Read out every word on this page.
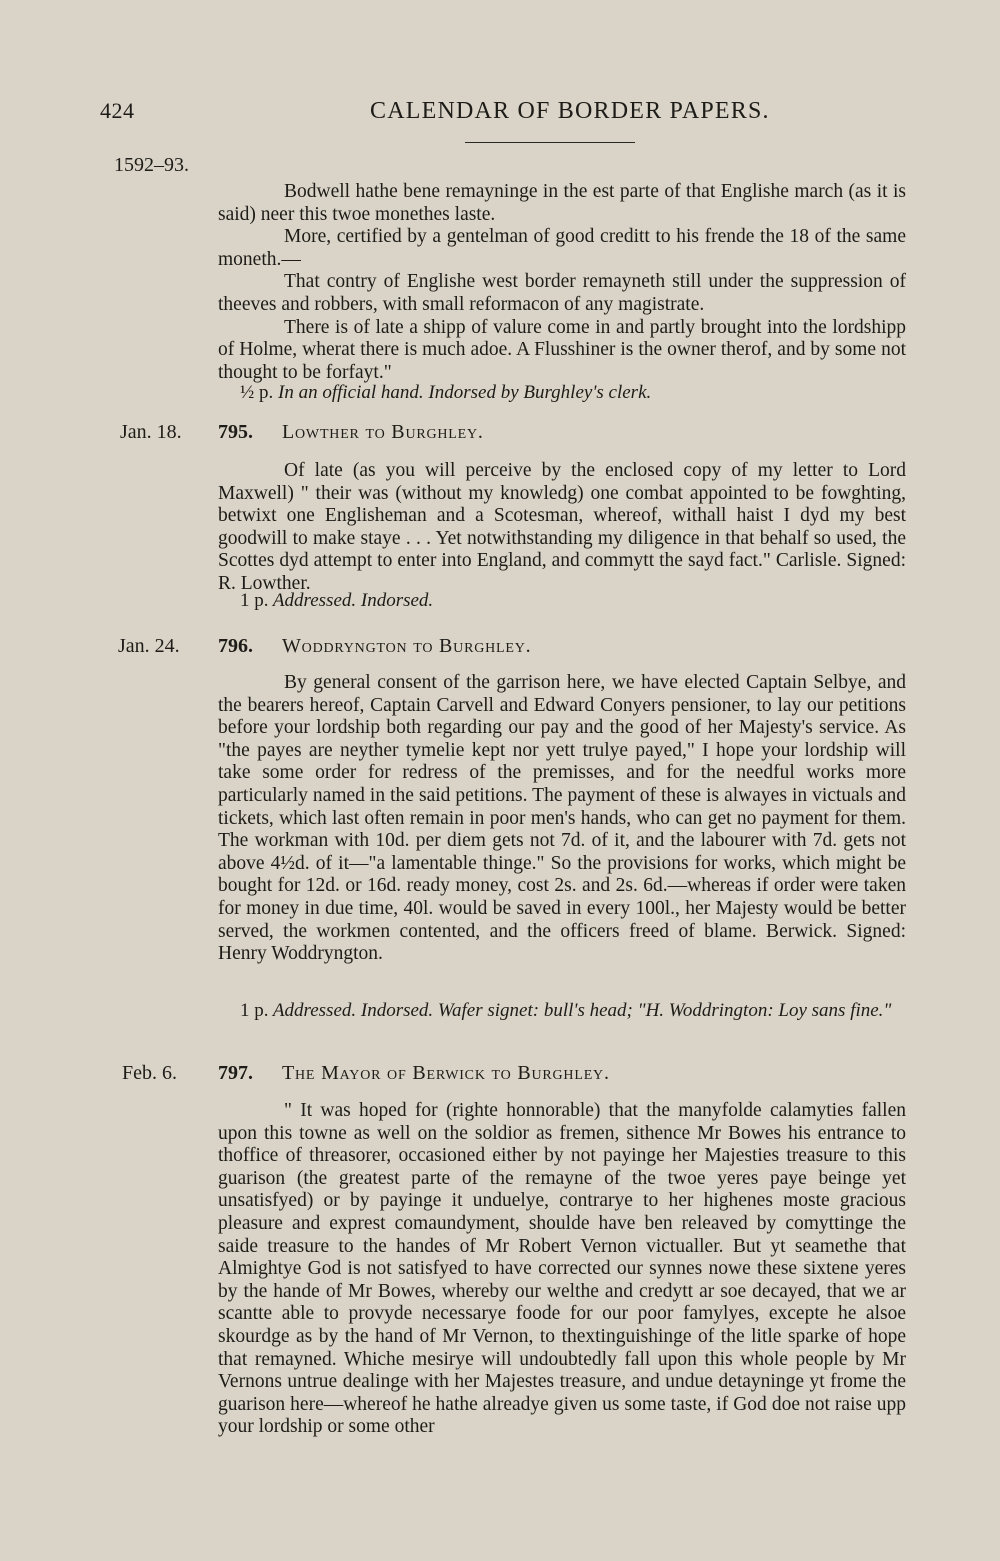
424	CALENDAR OF BORDER PAPERS.
1592–93.

Bodwell hathe bene remayninge in the est parte of that Englishe march (as it is said) neer this twoe monethes laste.

More, certified by a gentelman of good creditt to his frende the 18 of the same moneth.—

That contry of Englishe west border remayneth still under the suppression of theeves and robbers, with small reformacon of any magistrate.

There is of late a shipp of valure come in and partly brought into the lordshipp of Holme, wherat there is much adoe. A Flusshiner is the owner therof, and by some not thought to be forfayt."

½ p. In an official hand. Indorsed by Burghley's clerk.
Jan. 18. 795. Lowther to Burghley.

Of late (as you will perceive by the enclosed copy of my letter to Lord Maxwell) " their was (without my knowledg) one combat appointed to be fowghting, betwixt one Englisheman and a Scotesman, whereof, withall haist I dyd my best goodwill to make staye . . . Yet notwithstanding my diligence in that behalf so used, the Scottes dyd attempt to enter into England, and commytt the sayd fact." Carlisle. Signed: R. Lowther.

1 p. Addressed. Indorsed.
Jan. 24. 796. Woddryngton to Burghley.

By general consent of the garrison here, we have elected Captain Selbye, and the bearers hereof, Captain Carvell and Edward Conyers pensioner, to lay our petitions before your lordship both regarding our pay and the good of her Majesty's service. As "the payes are neyther tymelie kept nor yett trulye payed," I hope your lordship will take some order for redress of the premisses, and for the needful works more particularly named in the said petitions. The payment of these is alwayes in victuals and tickets, which last often remain in poor men's hands, who can get no payment for them. The workman with 10d. per diem gets not 7d. of it, and the labourer with 7d. gets not above 4½d. of it—"a lamentable thinge." So the provisions for works, which might be bought for 12d. or 16d. ready money, cost 2s. and 2s. 6d.—whereas if order were taken for money in due time, 40l. would be saved in every 100l., her Majesty would be better served, the workmen contented, and the officers freed of blame. Berwick. Signed: Henry Woddryngton.

1 p. Addressed. Indorsed. Wafer signet: bull's head; "H. Woddrington: Loy sans fine."
Feb. 6. 797. The Mayor of Berwick to Burghley.

" It was hoped for (righte honnorable) that the manyfolde calamyties fallen upon this towne as well on the soldior as fremen, sithence Mr Bowes his entrance to thoffice of threasorer, occasioned either by not payinge her Majesties treasure to this guarison (the greatest parte of the remayne of the twoe yeres paye beinge yet unsatisfyed) or by payinge it unduelye, contrarye to her highenes moste gracious pleasure and exprest comaundyment, shoulde have ben releaved by comyttinge the saide treasure to the handes of Mr Robert Vernon victualler. But yt seamethe that Almightye God is not satisfyed to have corrected our synnes nowe these sixtene yeres by the hande of Mr Bowes, whereby our welthe and credytt ar soe decayed, that we ar scantte able to provyde necessarye foode for our poor famylyes, excepte he alsoe skourdge as by the hand of Mr Vernon, to thextinguishinge of the litle sparke of hope that remayned. Whiche mesirye will undoubtedly fall upon this whole people by Mr Vernons untrue dealinge with her Majestes treasure, and undue detayninge yt frome the guarison here—whereof he hathe alreadye given us some taste, if God doe not raise upp your lordship or some other
